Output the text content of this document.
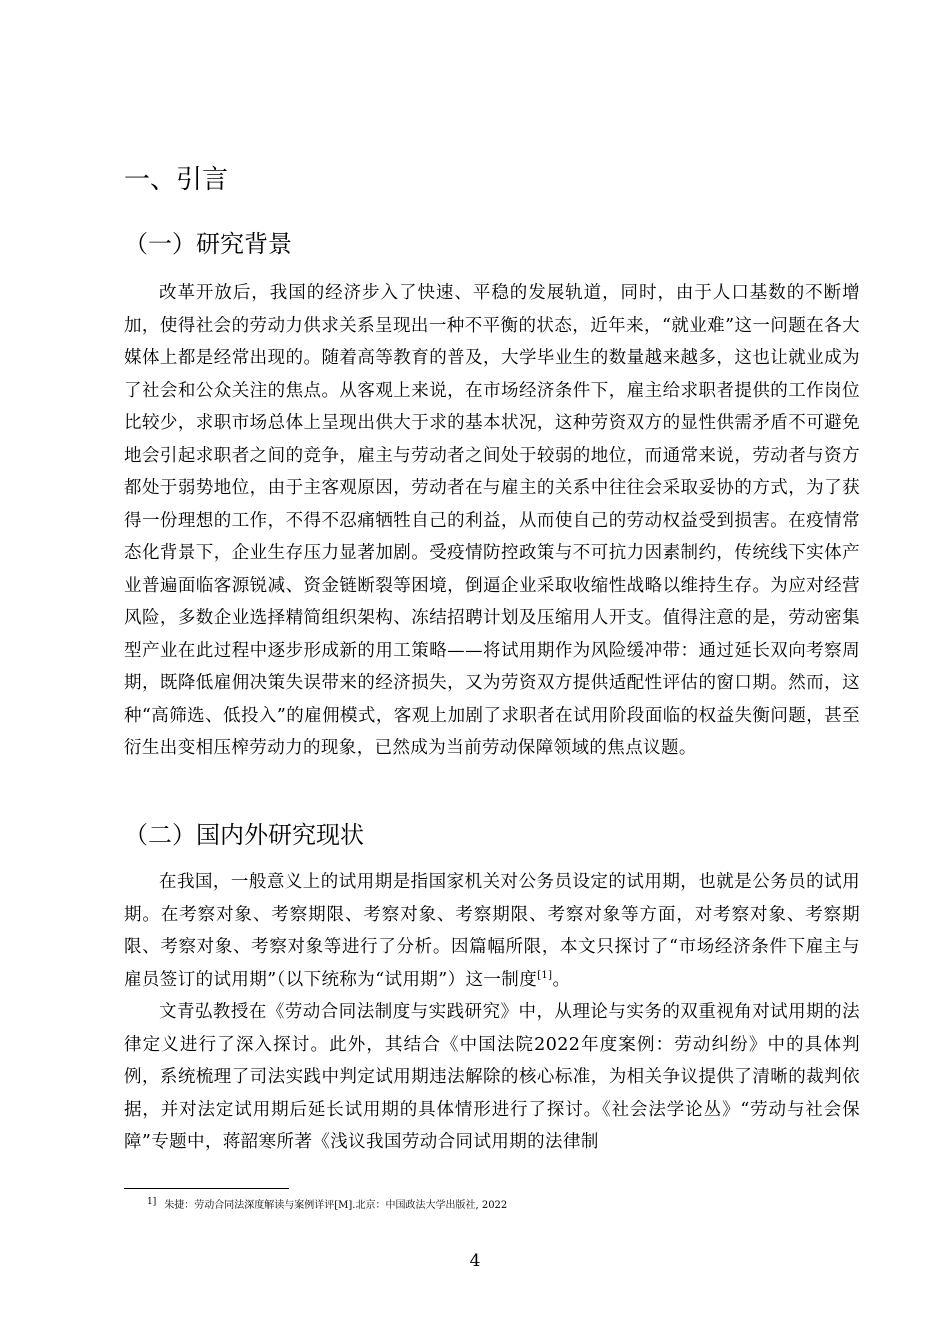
一、引言
（一）研究背景

改革开放后，我国的经济步入了快速、平稳的发展轨道，同时，由于人口基数的不断增加，使得社会的劳动力供求关系呈现出一种不平衡的状态，近年来，“就业难”这一问题在各大媒体上都是经常出现的。随着高等教育的普及，大学毕业生的数量越来越多，这也让就业成为了社会和公众关注的焦点。从客观上来说，在市场经济条件下，雇主给求职者提供的工作岗位比较少，求职市场总体上呈现出供大于求的基本状况，这种劳资双方的显性供需矛盾不可避免地会引起求职者之间的竞争，雇主与劳动者之间处于较弱的地位，而通常来说，劳动者与资方都处于弱势地位，由于主客观原因，劳动者在与雇主的关系中往往会采取妥协的方式，为了获得一份理想的工作，不得不忍痛牺牲自己的利益，从而使自己的劳动权益受到损害。在疫情常态化背景下，企业生存压力显著加剧。受疫情防控政策与不可抗力因素制约，传统线下实体产业普遍面临客源锐减、资金链断裂等困境，倒逼企业采取收缩性战略以维持生存。为应对经营风险，多数企业选择精简组织架构、冻结招聘计划及压缩用人开支。值得注意的是，劳动密集型产业在此过程中逐步形成新的用工策略——将试用期作为风险缓冲带：通过延长双向考察周期，既降低雇佣决策失误带来的经济损失，又为劳资双方提供适配性评估的窗口期。然而，这种“高筛选、低投入”的雇佣模式，客观上加剧了求职者在试用阶段面临的权益失衡问题，甚至衍生出变相压榨劳动力的现象，已然成为当前劳动保障领域的焦点议题。

（二）国内外研究现状

在我国，一般意义上的试用期是指国家机关对公务员设定的试用期，也就是公务员的试用期。在考察对象、考察期限、考察对象、考察期限、考察对象等方面，对考察对象、考察期限、考察对象、考察对象等进行了分析。因篇幅所限，本文只探讨了“市场经济条件下雇主与雇员签订的试用期”（以下统称为“试用期”）这一制度[1]。

文青弘教授在《劳动合同法制度与实践研究》中，从理论与实务的双重视角对试用期的法律定义进行了深入探讨。此外，其结合《中国法院2022年度案例：劳动纠纷》中的具体判例，系统梳理了司法实践中判定试用期违法解除的核心标准，为相关争议提供了清晰的裁判依据，并对法定试用期后延长试用期的具体情形进行了探讨。《社会法学论丛》“劳动与社会保障”专题中，蒋韶寒所著《浅议我国劳动合同试用期的法律制

1] 朱捷：劳动合同法深度解读与案例详评[M].北京：中国政法大学出版社, 2022
4
